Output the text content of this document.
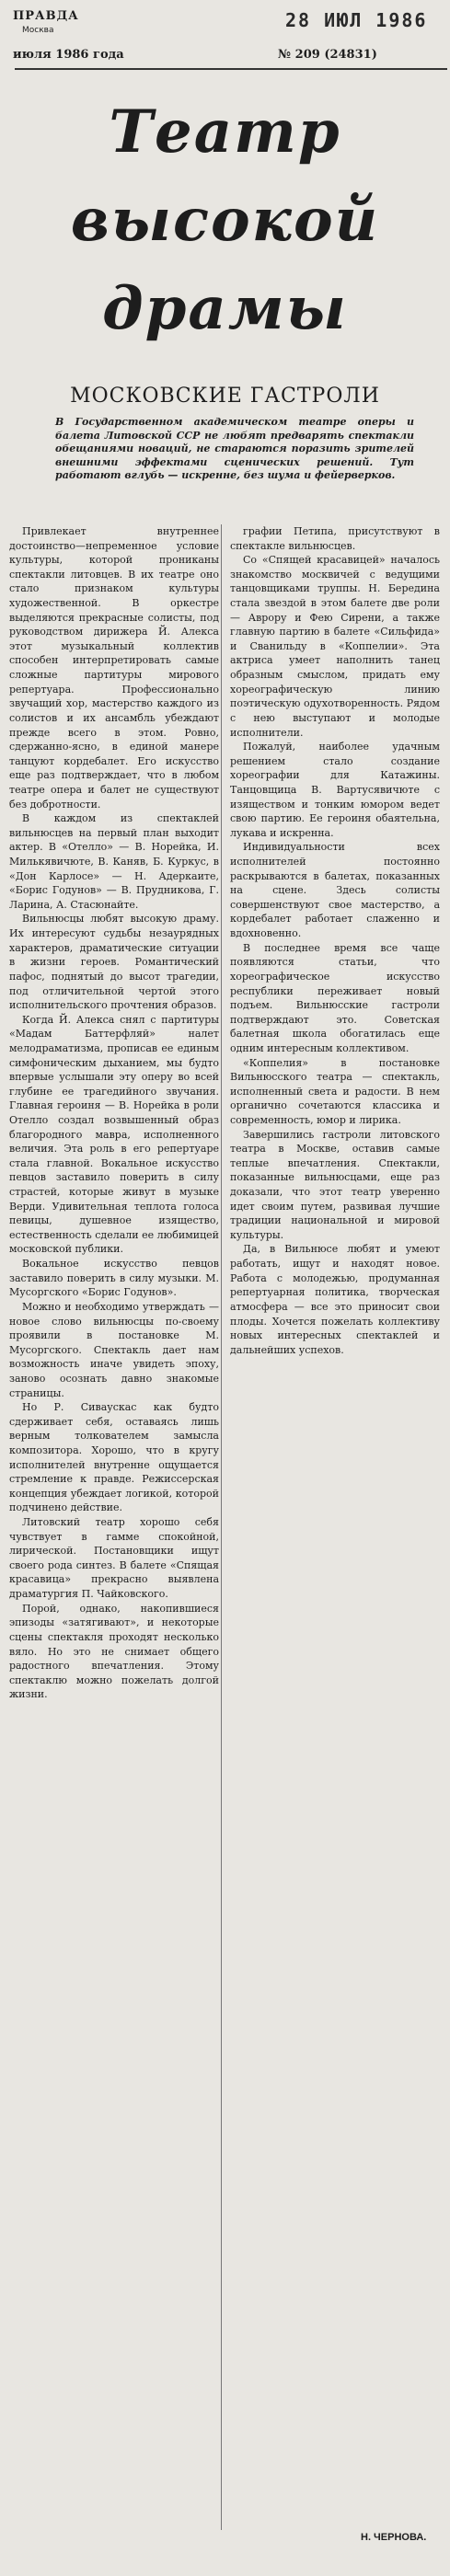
ПРАВДА
Москва	28 ИЮЛ 1986
июля 1986 года	№ 209 (24831)
Театр
высокой
драмы
МОСКОВСКИЕ ГАСТРОЛИ
В Государственном академическом театре оперы и балета Литовской ССР не любят предварять спектакли обещаниями новаций, не стараются поразить зрителей внешними эффектами сценических решений. Тут работают вглубь — искренне, без шума и фейерверков.

Привлекает внутреннее достоинство—непременное условие культуры, которой прониканы спектакли литовцев. В их театре оно стало признаком культуры художественной. В оркестре выделяются прекрасные солисты, под руководством дирижера Й. Алекса этот музыкальный коллектив способен интерпретировать самые сложные партитуры мирового репертуара. Профессионально звучащий хор, мастерство каждого из солистов и их ансамбль убеждают прежде всего в этом. Ровно, сдержанно-ясно, в единой манере танцуют кордебалет. Его искусство еще раз подтверждает, что в любом театре опера и балет не существуют без добротности.

В каждом из спектаклей вильнюсцев на первый план выходит актер. В «Отелло» — В. Норейка, И. Милькявичюте, В. Каняв, Б. Куркус, в «Дон Карлосе» — Н. Адеркаите, «Борис Годунов» — В. Прудникова, Г. Ларина, А. Стасюнайте.

Вильнюсцы любят высокую драму. Их интересуют судьбы незаурядных характеров, драматические ситуации в жизни героев. Романтический пафос, поднятый до высот трагедии, под отличительной чертой этого исполнительского прочтения образов.

Когда Й. Алекса снял с партитуры «Мадам Баттерфляй» налет мелодраматизма, прописав ее единым симфоническим дыханием, мы будто впервые услышали эту оперу во всей глубине ее трагедийного звучания. Главная героиня — В. Норейка в роли Отелло создал возвышенный образ благородного мавра, исполненного величия. Эта роль в его репертуаре стала главной. Вокальное искусство певцов заставило поверить в силу страстей, которые живут в музыке Верди. Удивительная теплота голоса певицы, душевное изящество, естественность сделали ее любимицей московской публики.

Вокальное искусство певцов заставило поверить в силу музыки. М. Мусоргского «Борис Годунов».

Можно и необходимо утверждать — новое слово вильнюсцы по-своему проявили в постановке М. Мусоргского. Спектакль дает нам возможность иначе увидеть эпоху, заново осознать давно знакомые страницы.

Но Р. Сиваускас как будто сдерживает себя, оставаясь лишь верным толкователем замысла композитора. Хорошо, что в кругу исполнителей внутренне ощущается стремление к правде. Режиссерская концепция убеждает логикой, которой подчинено действие.

Литовский театр хорошо себя чувствует в гамме спокойной, лирической. Постановщики ищут своего рода синтез. В балете «Спящая красавица» прекрасно выявлена драматургия П. Чайковского.

Порой, однако, накопившиеся эпизоды «затягивают», и некоторые сцены спектакля проходят несколько вяло. Но это не снимает общего радостного впечатления. Этому спектаклю можно пожелать долгой жизни.

графии Петипа, присутствуют в спектакле вильнюсцев.

Со «Спящей красавицей» началось знакомство москвичей с ведущими танцовщиками труппы. Н. Берединa стала звездой в этом балете две роли — Аврору и Фею Сирени, а также главную партию в балете «Сильфида» и Сванильду в «Коппелии». Эта актриса умеет наполнить танец образным смыслом, придать ему хореографическую линию поэтическую одухотворенность. Рядом с нею выступают и молодые исполнители.

Пожалуй, наиболее удачным решением стало создание хореографии для Катажины. Танцовщица В. Вартусявичюте с изяществом и тонким юмором ведет свою партию. Ее героиня обаятельна, лукава и искренна.

Индивидуальности всех исполнителей постоянно раскрываются в балетах, показанных на сцене. Здесь солисты совершенствуют свое мастерство, а кордебалет работает слаженно и вдохновенно.

В последнее время все чаще появляются статьи, что хореографическое искусство республики переживает новый подъем. Вильнюсские гастроли подтверждают это. Советская балетная школа обогатилась еще одним интересным коллективом.

«Коппелия» в постановке Вильнюсского театра — спектакль, исполненный света и радости. В нем органично сочетаются классика и современность, юмор и лирика.

Завершились гастроли литовского театра в Москве, оставив самые теплые впечатления. Спектакли, показанные вильнюсцами, еще раз доказали, что этот театр уверенно идет своим путем, развивая лучшие традиции национальной и мировой культуры.

Да, в Вильнюсе любят и умеют работать, ищут и находят новое. Работа с молодежью, продуманная репертуарная политика, творческая атмосфера — все это приносит свои плоды. Хочется пожелать коллективу новых интересных спектаклей и дальнейших успехов.

Н. ЧЕРНОВА.
